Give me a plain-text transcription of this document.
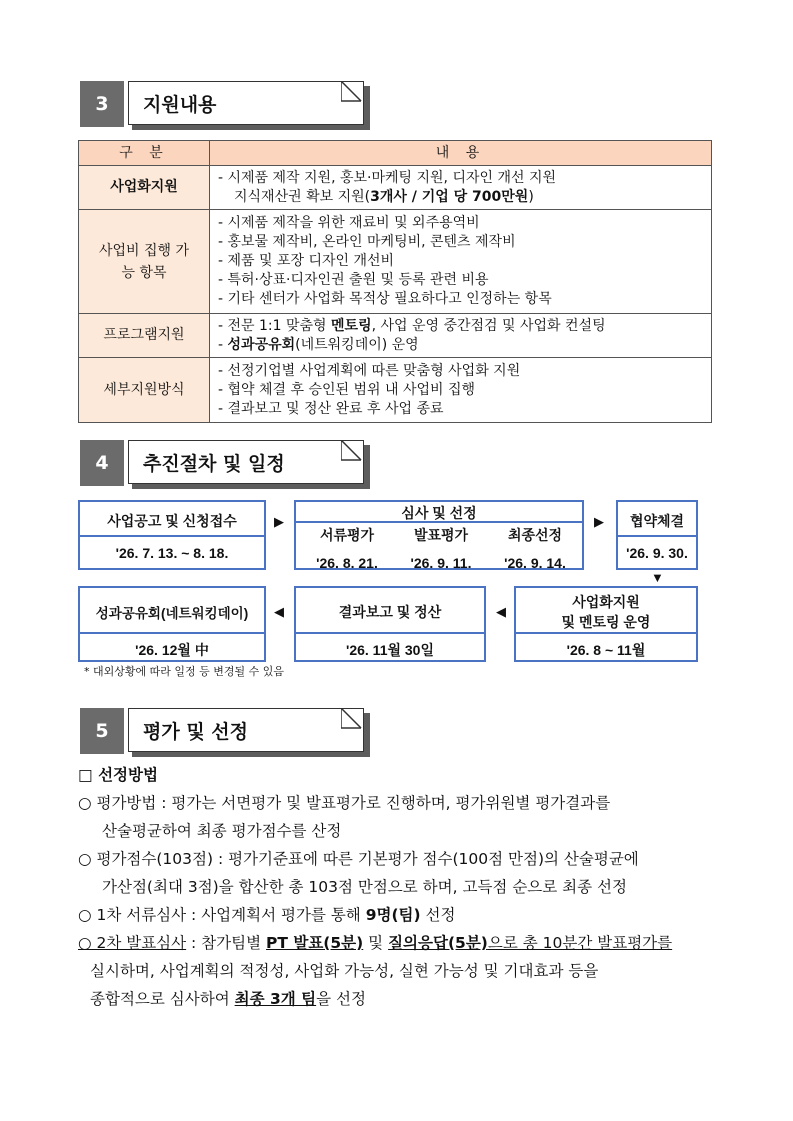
3	지원내용
구 분	내 용
사업화지원	- 시제품 제작 지원, 홍보·마케팅 지원, 디자인 개선 지원
지식재산권 확보 지원(3개사 / 기업 당 700만원)

사업비 집행 가능 항목	- 시제품 제작을 위한 재료비 및 외주용역비
- 홍보물 제작비, 온라인 마케팅비, 콘텐츠 제작비
- 제품 및 포장 디자인 개선비
- 특허·상표·디자인권 출원 및 등록 관련 비용
- 기타 센터가 사업화 목적상 필요하다고 인정하는 항목

프로그램지원	- 전문 1:1 맞춤형 멘토링, 사업 운영 중간점검 및 사업화 컨설팅
- 성과공유회(네트워킹데이) 운영

세부지원방식	- 선정기업별 사업계획에 따른 맞춤형 사업화 지원
- 협약 체결 후 승인된 범위 내 사업비 집행
- 결과보고 및 정산 완료 후 사업 종료
4	추진절차 및 일정
사업공고 및 신청접수
'26. 7. 13. ~ 8. 18.
▶
심사 및 선정
서류평가
'26. 8. 21.
발표평가
'26. 9. 11.
최종선정
'26. 9. 14.
▶	협약체결
'26. 9. 30.
▼
사업화지원
및 멘토링 운영
'26. 8 ~ 11월
◀
결과보고 및 정산
'26. 11월 30일
◀
성과공유회(네트워킹데이)
'26. 12월 中
* 대외상황에 따라 일정 등 변경될 수 있음
5	평가 및 선정
□ 선정방법
○ 평가방법 : 평가는 서면평가 및 발표평가로 진행하며, 평가위원별 평가결과를
산술평균하여 최종 평가점수를 산정
○ 평가점수(103점) : 평가기준표에 따른 기본평가 점수(100점 만점)의 산술평균에
가산점(최대 3점)을 합산한 총 103점 만점으로 하며, 고득점 순으로 최종 선정
○ 1차 서류심사 : 사업계획서 평가를 통해 9명(팀) 선정
○ 2차 발표심사 : 참가팀별 PT 발표(5분) 및 질의응답(5분)으로 총 10분간 발표평가를
실시하며, 사업계획의 적정성, 사업화 가능성, 실현 가능성 및 기대효과 등을
종합적으로 심사하여 최종 3개 팀을 선정
